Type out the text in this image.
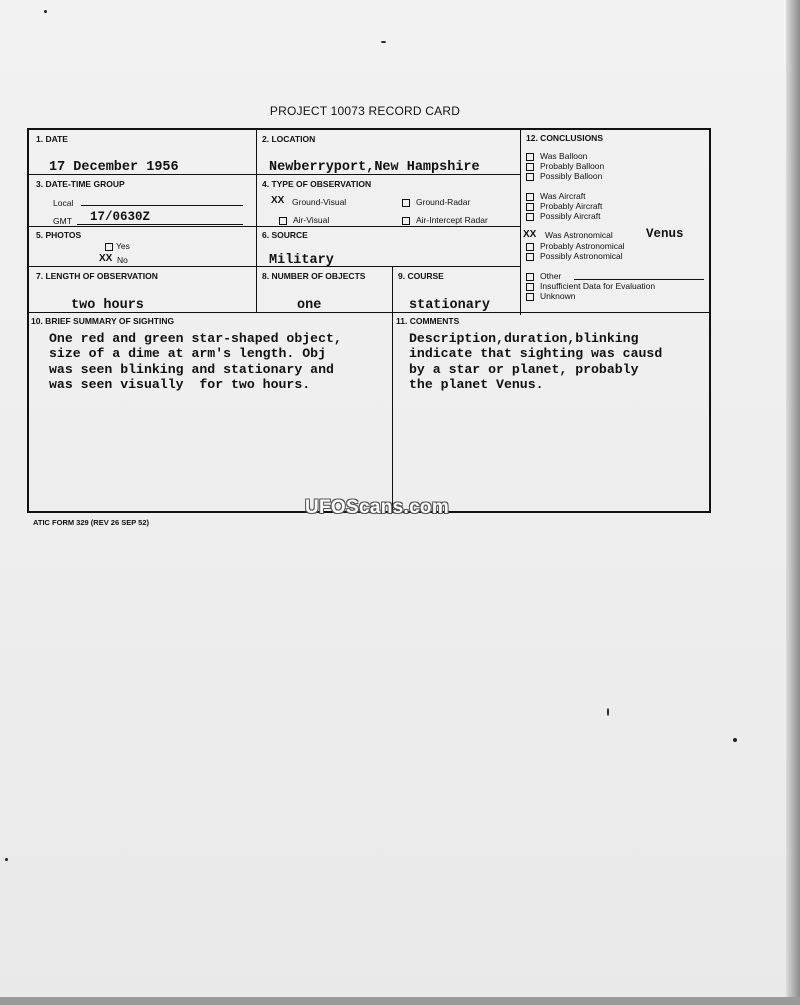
PROJECT 10073 RECORD CARD
1. DATE
17 December 1956
2. LOCATION
Newberryport,New Hampshire
3. DATE-TIME GROUP
Local
GMT 17/0630Z
4. TYPE OF OBSERVATION
XX Ground-Visual	Ground-Radar
Air-Visual	Air-Intercept Radar
5. PHOTOS
Yes
XX No
6. SOURCE
Military
7. LENGTH OF OBSERVATION
two hours
8. NUMBER OF OBJECTS
one
9. COURSE
stationary
10. BRIEF SUMMARY OF SIGHTING
One red and green star-shaped object,
size of a dime at arm's length. Obj
was seen blinking and stationary and
was seen visually  for two hours.
11. COMMENTS
Description,duration,blinking
indicate that sighting was causd
by a star or planet, probably
the planet Venus.
12. CONCLUSIONS
Was Balloon
Probably Balloon
Possibly Balloon
Was Aircraft
Probably Aircraft
Possibly Aircraft
XX Was Astronomical	Venus
Probably Astronomical
Possibly Astronomical
Other
Insufficient Data for Evaluation
Unknown
UFOScans.com
ATIC FORM 329 (REV 26 SEP 52)
